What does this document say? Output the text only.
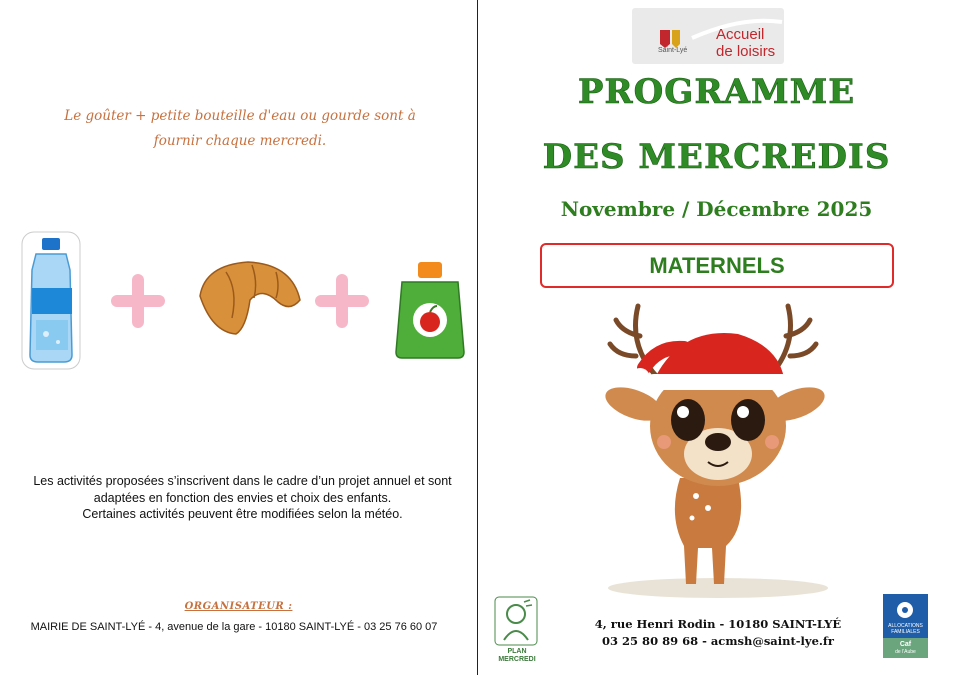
Le goûter + petite bouteille d'eau ou gourde sont à
fournir chaque mercredi.
Les activités proposées s’inscrivent dans le cadre d’un projet annuel et sont
adaptées en fonction des envies et choix des enfants.
Certaines activités peuvent être modifiées selon la météo.
ORGANISATEUR :
MAIRIE DE SAINT-LYÉ - 4, avenue de la gare - 10180 SAINT-LYÉ - 03 25 76 60 07
Saint-Lyé
Accueil
de loisirs
PROGRAMME
DES MERCREDIS
Novembre / Décembre 2025
MATERNELS
PLAN
MERCREDI
4, rue Henri Rodin - 10180 SAINT-LYÉ
03 25 80 89 68 - acmsh@saint-lye.fr
ALLOCATIONS
FAMILIALES
Caf
de l'Aube
